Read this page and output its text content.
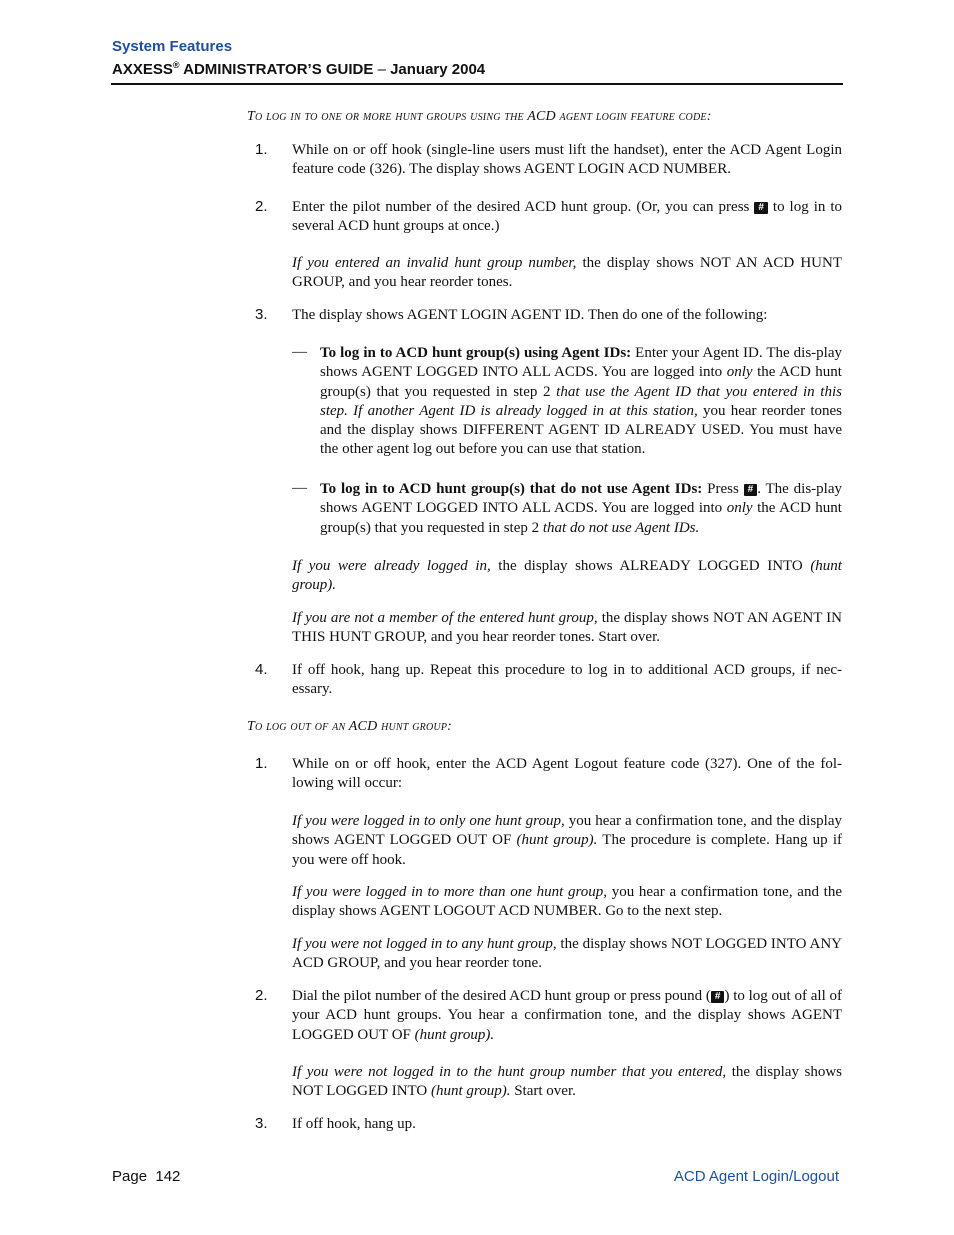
System Features
AXXESS® ADMINISTRATOR’S GUIDE – January 2004
To log in to one or more hunt groups using the ACD agent login feature code:
1. While on or off hook (single-line users must lift the handset), enter the ACD Agent Login feature code (326). The display shows AGENT LOGIN ACD NUMBER.
2. Enter the pilot number of the desired ACD hunt group. (Or, you can press # to log in to several ACD hunt groups at once.)
If you entered an invalid hunt group number, the display shows NOT AN ACD HUNT GROUP, and you hear reorder tones.
3. The display shows AGENT LOGIN AGENT ID. Then do one of the following:
— To log in to ACD hunt group(s) using Agent IDs: Enter your Agent ID. The dis-play shows AGENT LOGGED INTO ALL ACDS. You are logged into only the ACD hunt group(s) that you requested in step 2 that use the Agent ID that you entered in this step. If another Agent ID is already logged in at this station, you hear reorder tones and the display shows DIFFERENT AGENT ID ALREADY USED. You must have the other agent log out before you can use that station.
— To log in to ACD hunt group(s) that do not use Agent IDs: Press # . The dis-play shows AGENT LOGGED INTO ALL ACDS. You are logged into only the ACD hunt group(s) that you requested in step 2 that do not use Agent IDs.
If you were already logged in, the display shows ALREADY LOGGED INTO (hunt group).
If you are not a member of the entered hunt group, the display shows NOT AN AGENT IN THIS HUNT GROUP, and you hear reorder tones. Start over.
4. If off hook, hang up. Repeat this procedure to log in to additional ACD groups, if nec-essary.
To log out of an ACD hunt group:
1. While on or off hook, enter the ACD Agent Logout feature code (327). One of the fol-lowing will occur:
If you were logged in to only one hunt group, you hear a confirmation tone, and the display shows AGENT LOGGED OUT OF (hunt group). The procedure is complete. Hang up if you were off hook.
If you were logged in to more than one hunt group, you hear a confirmation tone, and the display shows AGENT LOGOUT ACD NUMBER. Go to the next step.
If you were not logged in to any hunt group, the display shows NOT LOGGED INTO ANY ACD GROUP, and you hear reorder tone.
2. Dial the pilot number of the desired ACD hunt group or press pound ( # ) to log out of all of your ACD hunt groups. You hear a confirmation tone, and the display shows AGENT LOGGED OUT OF (hunt group).
If you were not logged in to the hunt group number that you entered, the display shows NOT LOGGED INTO (hunt group). Start over.
3. If off hook, hang up.
Page  142	ACD Agent Login/Logout
